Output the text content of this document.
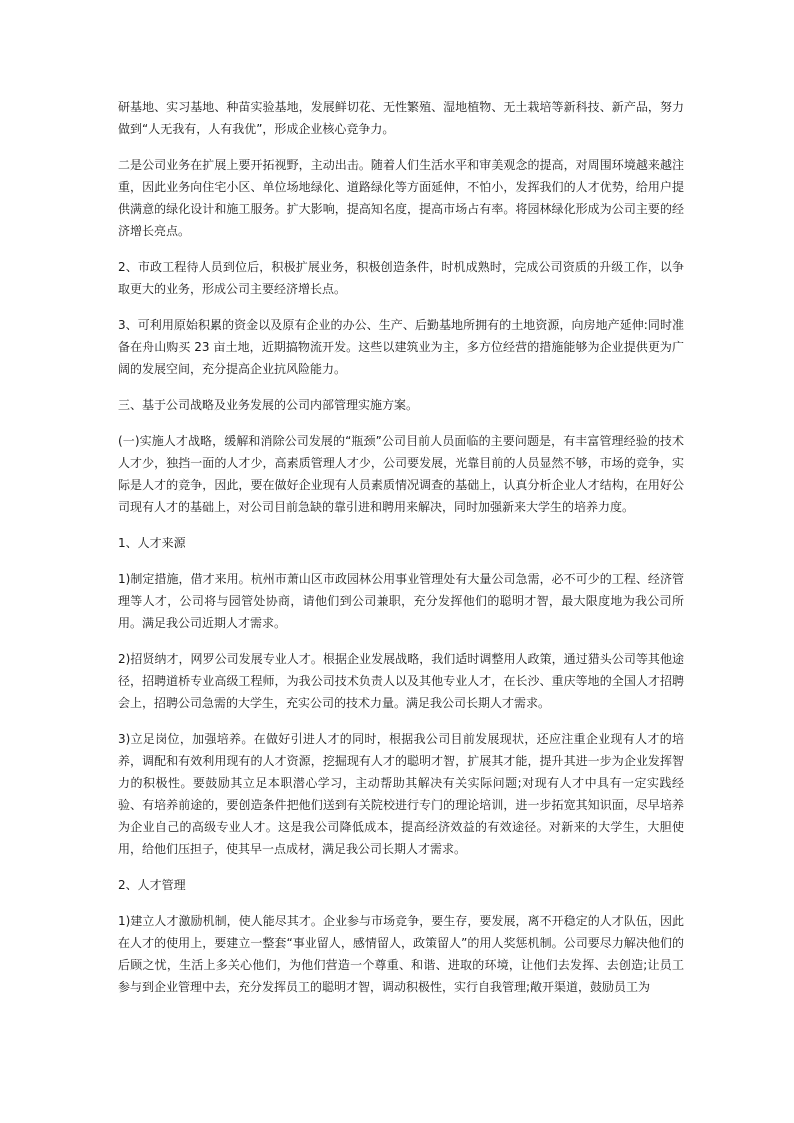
研基地、实习基地、种苗实验基地，发展鲜切花、无性繁殖、湿地植物、无土栽培等新科技、新产品，努力做到“人无我有，人有我优”，形成企业核心竞争力。

二是公司业务在扩展上要开拓视野，主动出击。随着人们生活水平和审美观念的提高，对周围环境越来越注重，因此业务向住宅小区、单位场地绿化、道路绿化等方面延伸，不怕小，发挥我们的人才优势，给用户提供满意的绿化设计和施工服务。扩大影响，提高知名度，提高市场占有率。将园林绿化形成为公司主要的经济增长亮点。

2、市政工程待人员到位后，积极扩展业务，积极创造条件，时机成熟时，完成公司资质的升级工作，以争取更大的业务，形成公司主要经济增长点。

3、可利用原始积累的资金以及原有企业的办公、生产、后勤基地所拥有的土地资源，向房地产延伸:同时准备在舟山购买 23 亩土地，近期搞物流开发。这些以建筑业为主，多方位经营的措施能够为企业提供更为广阔的发展空间，充分提高企业抗风险能力。

三、基于公司战略及业务发展的公司内部管理实施方案。

(一)实施人才战略，缓解和消除公司发展的“瓶颈”公司目前人员面临的主要问题是，有丰富管理经验的技术人才少，独挡一面的人才少，高素质管理人才少，公司要发展，光靠目前的人员显然不够，市场的竞争，实际是人才的竞争，因此，要在做好企业现有人员素质情况调查的基础上，认真分析企业人才结构，在用好公司现有人才的基础上，对公司目前急缺的靠引进和聘用来解决，同时加强新来大学生的培养力度。

1、人才来源

1)制定措施，借才来用。杭州市萧山区市政园林公用事业管理处有大量公司急需，必不可少的工程、经济管理等人才，公司将与园管处协商，请他们到公司兼职，充分发挥他们的聪明才智，最大限度地为我公司所用。满足我公司近期人才需求。

2)招贤纳才，网罗公司发展专业人才。根据企业发展战略，我们适时调整用人政策，通过猎头公司等其他途径，招聘道桥专业高级工程师，为我公司技术负责人以及其他专业人才，在长沙、重庆等地的全国人才招聘会上，招聘公司急需的大学生，充实公司的技术力量。满足我公司长期人才需求。

3)立足岗位，加强培养。在做好引进人才的同时，根据我公司目前发展现状，还应注重企业现有人才的培养，调配和有效利用现有的人才资源，挖掘现有人才的聪明才智，扩展其才能，提升其进一步为企业发挥智力的积极性。要鼓励其立足本职潜心学习，主动帮助其解决有关实际问题;对现有人才中具有一定实践经验、有培养前途的，要创造条件把他们送到有关院校进行专门的理论培训，进一步拓宽其知识面，尽早培养为企业自己的高级专业人才。这是我公司降低成本，提高经济效益的有效途径。对新来的大学生，大胆使用，给他们压担子，使其早一点成材，满足我公司长期人才需求。

2、人才管理

1)建立人才激励机制，使人能尽其才。企业参与市场竞争，要生存，要发展，离不开稳定的人才队伍，因此在人才的使用上，要建立一整套“事业留人，感情留人，政策留人”的用人奖惩机制。公司要尽力解决他们的后顾之忧，生活上多关心他们，为他们营造一个尊重、和谐、进取的环境，让他们去发挥、去创造;让员工参与到企业管理中去，充分发挥员工的聪明才智，调动积极性，实行自我管理;敞开渠道，鼓励员工为
